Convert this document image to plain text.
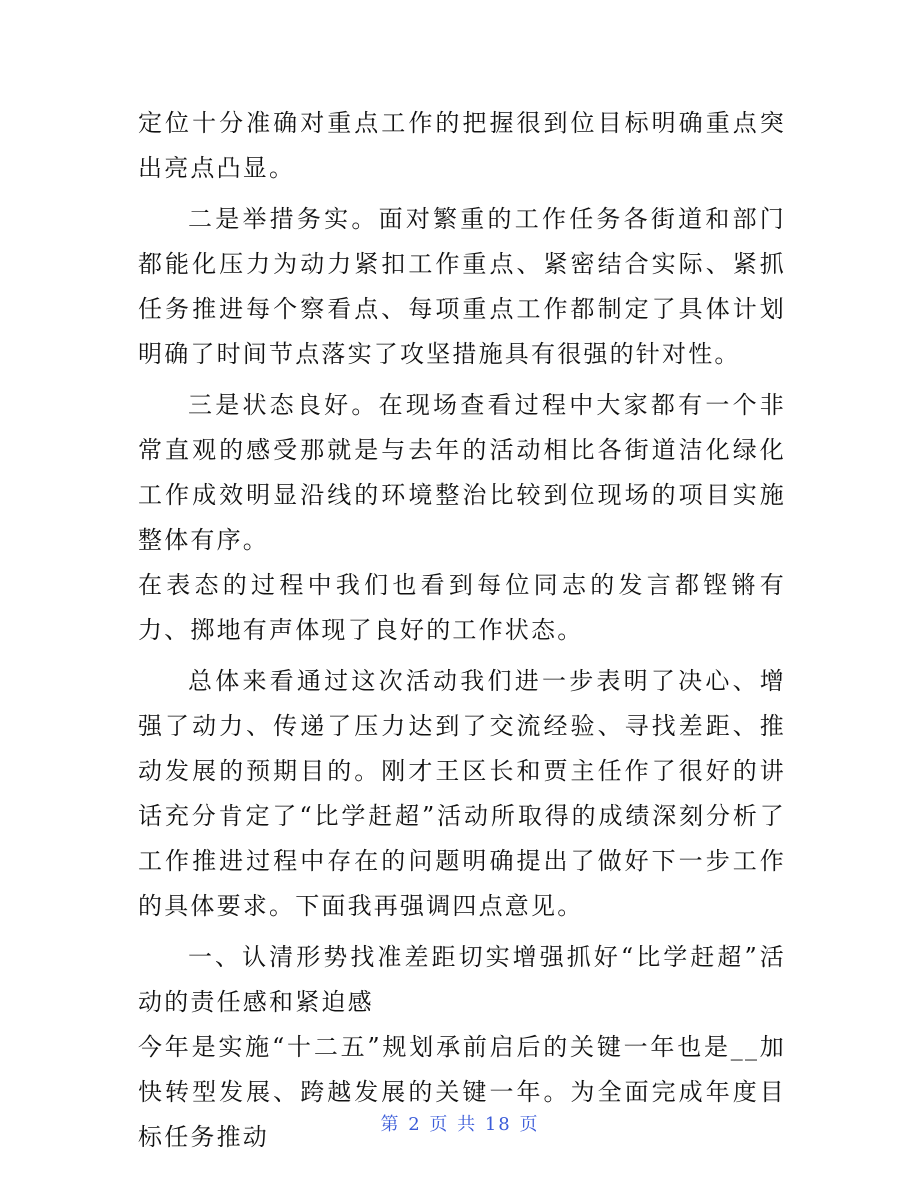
定位十分准确对重点工作的把握很到位目标明确重点突出亮点凸显。

二是举措务实。面对繁重的工作任务各街道和部门都能化压力为动力紧扣工作重点、紧密结合实际、紧抓任务推进每个察看点、每项重点工作都制定了具体计划明确了时间节点落实了攻坚措施具有很强的针对性。

三是状态良好。在现场查看过程中大家都有一个非常直观的感受那就是与去年的活动相比各街道洁化绿化工作成效明显沿线的环境整治比较到位现场的项目实施整体有序。

在表态的过程中我们也看到每位同志的发言都铿锵有力、掷地有声体现了良好的工作状态。

总体来看通过这次活动我们进一步表明了决心、增强了动力、传递了压力达到了交流经验、寻找差距、推动发展的预期目的。刚才王区长和贾主任作了很好的讲话充分肯定了“比学赶超”活动所取得的成绩深刻分析了工作推进过程中存在的问题明确提出了做好下一步工作的具体要求。下面我再强调四点意见。

一、认清形势找准差距切实增强抓好“比学赶超”活动的责任感和紧迫感

今年是实施“十二五”规划承前启后的关键一年也是__加快转型发展、跨越发展的关键一年。为全面完成年度目标任务推动	第 2 页 共 18 页
